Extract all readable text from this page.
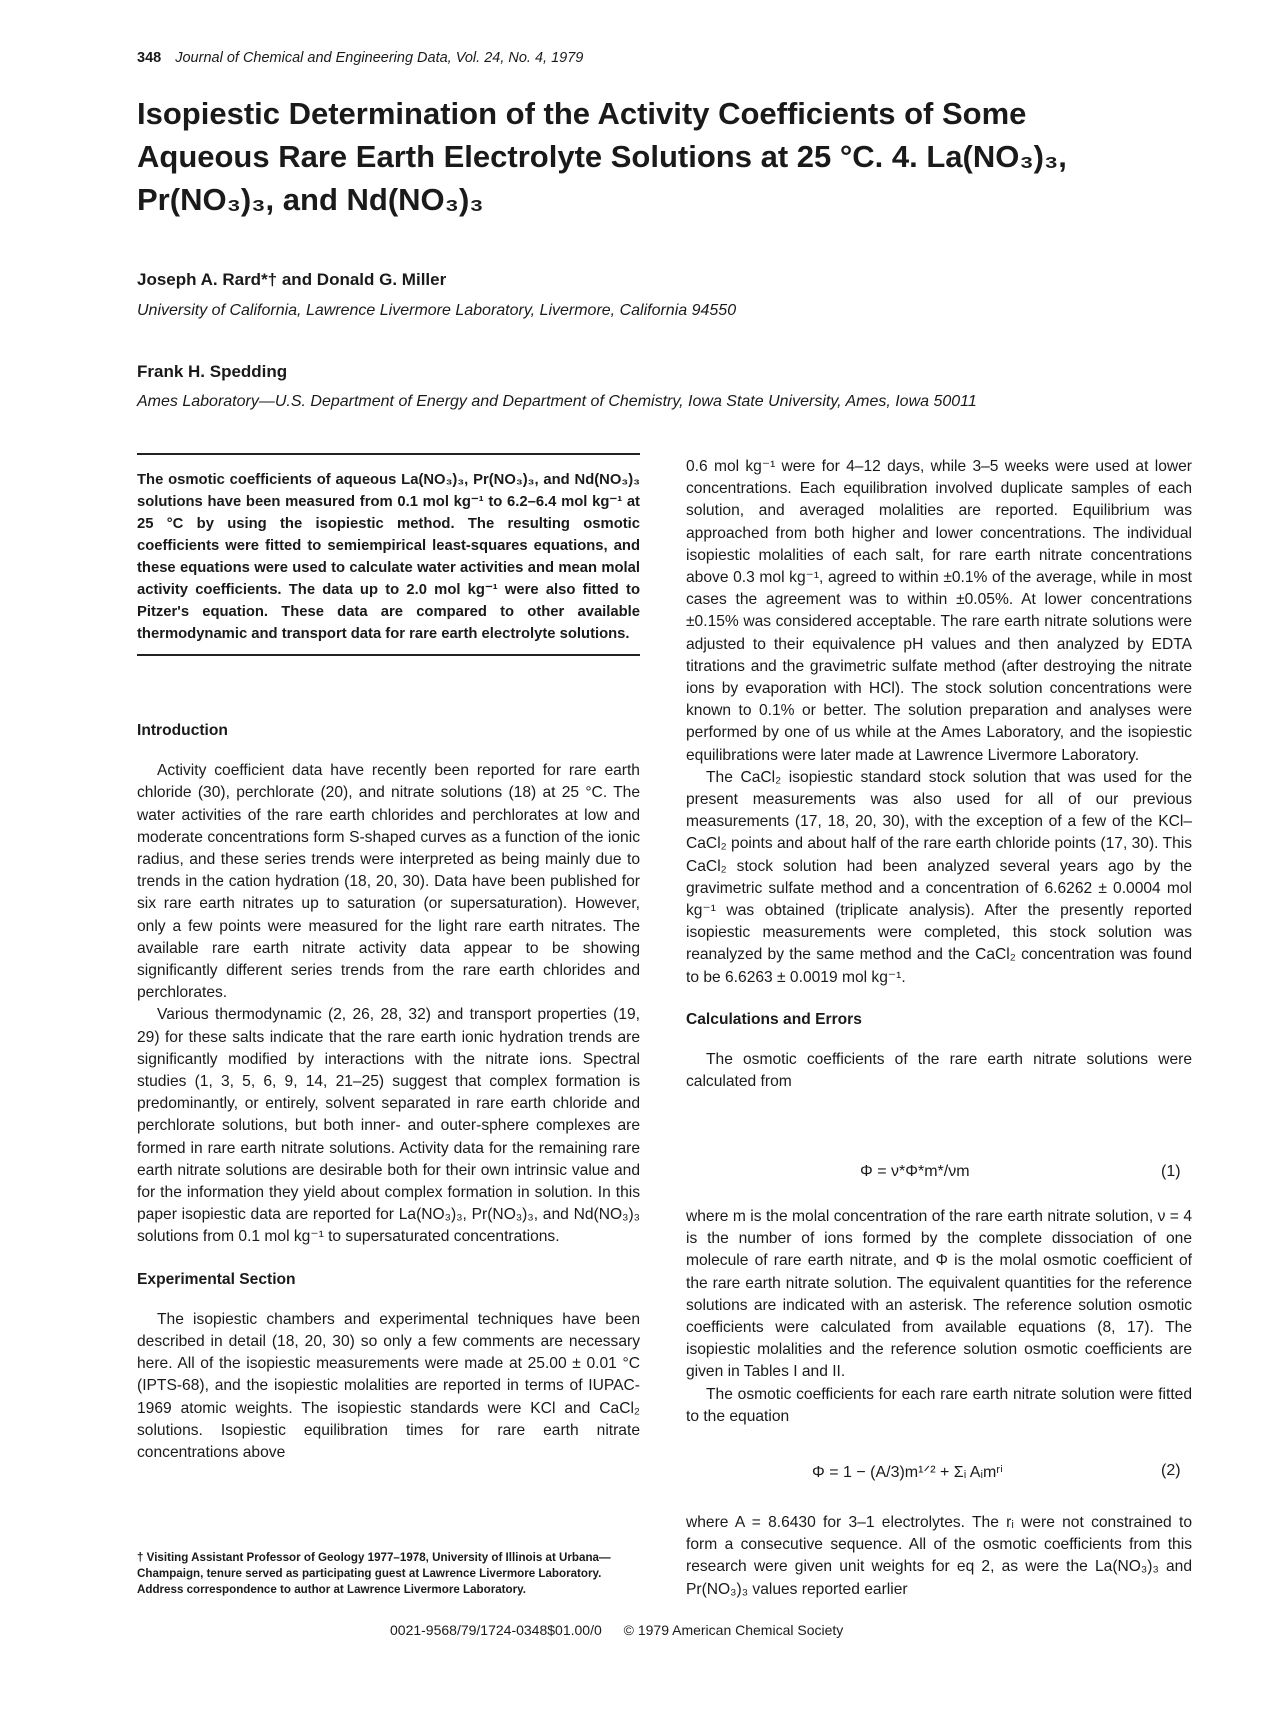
348 Journal of Chemical and Engineering Data, Vol. 24, No. 4, 1979
Isopiestic Determination of the Activity Coefficients of Some Aqueous Rare Earth Electrolyte Solutions at 25 °C. 4. La(NO₃)₃, Pr(NO₃)₃, and Nd(NO₃)₃
Joseph A. Rard*† and Donald G. Miller
University of California, Lawrence Livermore Laboratory, Livermore, California 94550
Frank H. Spedding
Ames Laboratory—U.S. Department of Energy and Department of Chemistry, Iowa State University, Ames, Iowa 50011
The osmotic coefficients of aqueous La(NO₃)₃, Pr(NO₃)₃, and Nd(NO₃)₃ solutions have been measured from 0.1 mol kg⁻¹ to 6.2–6.4 mol kg⁻¹ at 25 °C by using the isopiestic method. The resulting osmotic coefficients were fitted to semiempirical least-squares equations, and these equations were used to calculate water activities and mean molal activity coefficients. The data up to 2.0 mol kg⁻¹ were also fitted to Pitzer's equation. These data are compared to other available thermodynamic and transport data for rare earth electrolyte solutions.

Introduction

Activity coefficient data have recently been reported for rare earth chloride (30), perchlorate (20), and nitrate solutions (18) at 25 °C. The water activities of the rare earth chlorides and perchlorates at low and moderate concentrations form S-shaped curves as a function of the ionic radius, and these series trends were interpreted as being mainly due to trends in the cation hydration (18, 20, 30). Data have been published for six rare earth nitrates up to saturation (or supersaturation). However, only a few points were measured for the light rare earth nitrates. The available rare earth nitrate activity data appear to be showing significantly different series trends from the rare earth chlorides and perchlorates.

Various thermodynamic (2, 26, 28, 32) and transport properties (19, 29) for these salts indicate that the rare earth ionic hydration trends are significantly modified by interactions with the nitrate ions. Spectral studies (1, 3, 5, 6, 9, 14, 21–25) suggest that complex formation is predominantly, or entirely, solvent separated in rare earth chloride and perchlorate solutions, but both inner- and outer-sphere complexes are formed in rare earth nitrate solutions. Activity data for the remaining rare earth nitrate solutions are desirable both for their own intrinsic value and for the information they yield about complex formation in solution. In this paper isopiestic data are reported for La(NO₃)₃, Pr(NO₃)₃, and Nd(NO₃)₃ solutions from 0.1 mol kg⁻¹ to supersaturated concentrations.

Experimental Section

The isopiestic chambers and experimental techniques have been described in detail (18, 20, 30) so only a few comments are necessary here. All of the isopiestic measurements were made at 25.00 ± 0.01 °C (IPTS-68), and the isopiestic molalities are reported in terms of IUPAC-1969 atomic weights. The isopiestic standards were KCl and CaCl₂ solutions. Isopiestic equilibration times for rare earth nitrate concentrations above

† Visiting Assistant Professor of Geology 1977–1978, University of Illinois at Urbana—Champaign, tenure served as participating guest at Lawrence Livermore Laboratory. Address correspondence to author at Lawrence Livermore Laboratory.

0.6 mol kg⁻¹ were for 4–12 days, while 3–5 weeks were used at lower concentrations. Each equilibration involved duplicate samples of each solution, and averaged molalities are reported. Equilibrium was approached from both higher and lower concentrations. The individual isopiestic molalities of each salt, for rare earth nitrate concentrations above 0.3 mol kg⁻¹, agreed to within ±0.1% of the average, while in most cases the agreement was to within ±0.05%. At lower concentrations ±0.15% was considered acceptable. The rare earth nitrate solutions were adjusted to their equivalence pH values and then analyzed by EDTA titrations and the gravimetric sulfate method (after destroying the nitrate ions by evaporation with HCl). The stock solution concentrations were known to 0.1% or better. The solution preparation and analyses were performed by one of us while at the Ames Laboratory, and the isopiestic equilibrations were later made at Lawrence Livermore Laboratory.

The CaCl₂ isopiestic standard stock solution that was used for the present measurements was also used for all of our previous measurements (17, 18, 20, 30), with the exception of a few of the KCl–CaCl₂ points and about half of the rare earth chloride points (17, 30). This CaCl₂ stock solution had been analyzed several years ago by the gravimetric sulfate method and a concentration of 6.6262 ± 0.0004 mol kg⁻¹ was obtained (triplicate analysis). After the presently reported isopiestic measurements were completed, this stock solution was reanalyzed by the same method and the CaCl₂ concentration was found to be 6.6263 ± 0.0019 mol kg⁻¹.

Calculations and Errors

The osmotic coefficients of the rare earth nitrate solutions were calculated from

Φ = ν*Φ*m*/νm	(1)

where m is the molal concentration of the rare earth nitrate solution, ν = 4 is the number of ions formed by the complete dissociation of one molecule of rare earth nitrate, and Φ is the molal osmotic coefficient of the rare earth nitrate solution. The equivalent quantities for the reference solutions are indicated with an asterisk. The reference solution osmotic coefficients were calculated from available equations (8, 17). The isopiestic molalities and the reference solution osmotic coefficients are given in Tables I and II.

The osmotic coefficients for each rare earth nitrate solution were fitted to the equation

Φ = 1 − (A/3)m¹ᐟ² + Σᵢ Aᵢmʳⁱ	(2)

where A = 8.6430 for 3–1 electrolytes. The rᵢ were not constrained to form a consecutive sequence. All of the osmotic coefficients from this research were given unit weights for eq 2, as were the La(NO₃)₃ and Pr(NO₃)₃ values reported earlier

0021-9568/79/1724-0348$01.00/0 © 1979 American Chemical Society
